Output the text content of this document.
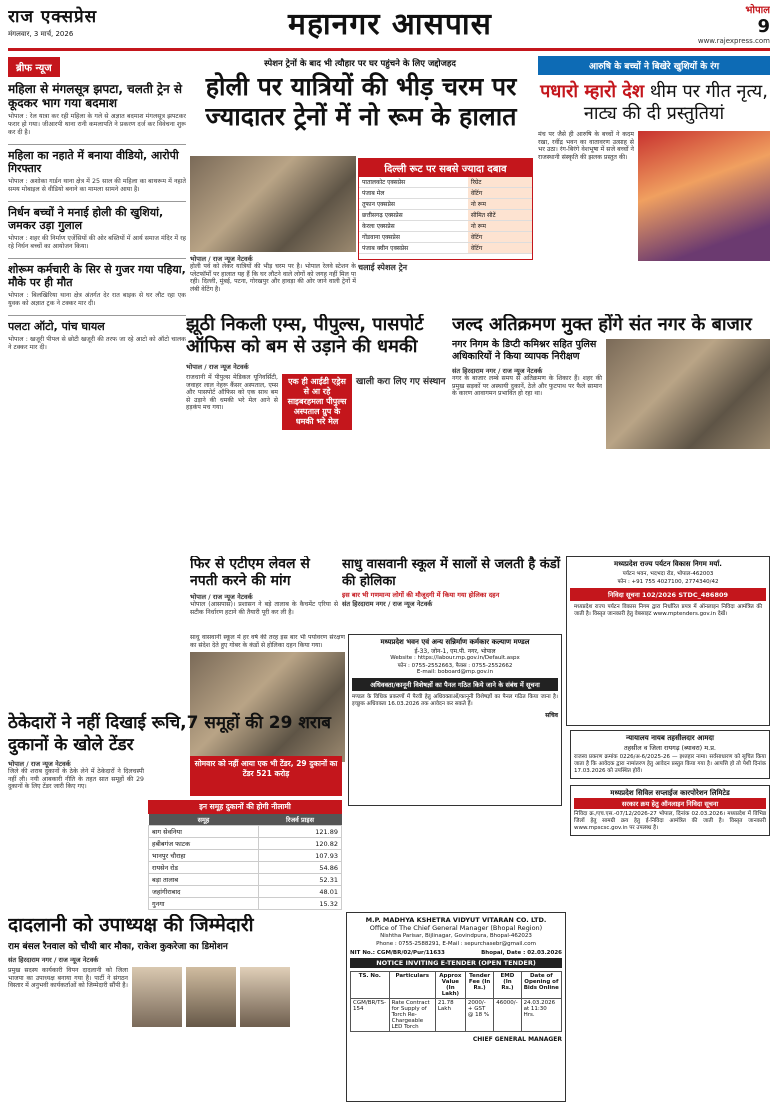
राज एक्सप्रेस
मंगलवार, 3 मार्च, 2026	महानगर आसपास	भोपाल
9
www.rajexpress.com
ब्रीफ न्यूज
महिला से मंगलसूत्र झपटा, चलती ट्रेन से कूदकर भाग गया बदमाश
भोपाल : रेल यात्रा कर रही महिला के गले से अज्ञात बदमाश मंगलसूत्र झपटकर फरार हो गया। जीआरपी थाना रानी कमलापति ने प्रकरण दर्ज कर विवेचना शुरू कर दी है।
महिला का नहाते में बनाया वीडियो, आरोपी गिरफ्तार
भोपाल : अशोका गार्डन थाना क्षेत्र में 25 साल की महिला का बाथरूम में नहाते समय मोबाइल से वीडियो बनाने का मामला सामने आया है।
निर्धन बच्चों ने मनाई होली की खुशियां, जमकर उड़ा गुलाल
भोपाल : शहर की निर्माण एजेंसियों की ओर बस्तियों में आर्य समाज मंदिर में रह रहे निर्धन बच्चों का आयोजन किया।
शोरूम कर्मचारी के सिर से गुजर गया पहिया, मौके पर ही मौत
भोपाल : बिलखिरिया थाना क्षेत्र अंतर्गत देर रात बाइक से घर लौट रहा एक युवक को अज्ञात ट्रक ने टक्कर मार दी।
पलटा ऑटो, पांच घायल
भोपाल : खजूरी पीपल से छोटी खजूरी की तरफ जा रहे आटो को ऑटो चालक ने टक्कर मार दी।
स्पेशन ट्रेनों के बाद भी त्यौहार पर घर पहुंचने के लिए जद्दोजहद
होली पर यात्रियों की भीड़ चरम पर ज्यादातर ट्रेनों में नो रूम के हालात
भोपाल / राज न्यूज नेटवर्क
होली पर्व को लेकर यात्रियों की भीड़ चरम पर है। भोपाल रेलवे स्टेशन के प्लेटफॉर्मों पर हालात यह हैं कि घर लौटने वाले लोगों को जगह नहीं मिल पा रही। दिल्ली, मुंबई, पटना, गोरखपुर और हावड़ा की ओर जाने वाली ट्रेनों में लंबी वेटिंग है।
दिल्ली रूट पर सबसे ज्यादा दबाव
पातालकोट एक्सप्रेस	रिग्रेट
पंजाब मेल	वेटिंग
तूफान एक्सप्रेस	नो रूम
छत्तीसगढ़ एक्सप्रेस	सीमित सीटें
केरला एक्सप्रेस	नो रूम
गोंडवाना एक्सप्रेस	वेटिंग
पंजाब क्वीन एक्सप्रेस	वेटिंग
चलाई स्पेशल ट्रेन
आरुषि के बच्चों ने बिखेरे खुशियों के रंग
पधारो म्हारो देश थीम पर गीत नृत्य, नाट्य की दी प्रस्तुतियां
मंच पर जैसे ही आरुषि के बच्चों ने कदम रखा, रवींद्र भवन का वातावरण उत्साह से भर उठा। रंग-बिरंगे वेशभूषा में सजे बच्चों ने राजस्थानी संस्कृति की झलक प्रस्तुत की।
झूठी निकली एम्स, पीपुल्स, पासपोर्ट ऑफिस को बम से उड़ाने की धमकी
भोपाल / राज न्यूज नेटवर्क
राजधानी में पीपुल्स मेडिकल यूनिवर्सिटी, जवाहर लाल नेहरू कैंसर अस्पताल, एम्स और पासपोर्ट ऑफिस को एक साथ बम से उड़ाने की धमकी भरे मेल आने से हड़कंप मच गया।
एक ही आईडी एड्रेस से आ रहे साइबरहमला पीपुल्स अस्पताल ग्रुप के धमकी भरे मेल
खाली करा लिए गए संस्थान
जल्द अतिक्रमण मुक्त होंगे संत नगर के बाजार
नगर निगम के डिप्टी कमिश्नर सहित पुलिस अधिकारियों ने किया व्यापक निरीक्षण
संत हिरदाराम नगर / राज न्यूज नेटवर्क
नगर के बाजार लम्बे समय से अतिक्रमण के शिकार हैं। शहर की प्रमुख सड़कों पर अस्थायी दुकानें, ठेले और फुटपाथ पर फैले सामान के कारण आवागमन प्रभावित हो रहा था।
फिर से एटीएम लेवल से नपती करने की मांग
भोपाल / राज न्यूज नेटवर्क
भोपाल (आसपास)। प्रशासन ने बड़े तालाब के कैचमेंट एरिया से सटीक निर्धारण हटाने की तैयारी पूरी कर ली है।
साधु वासवानी स्कूल में सालों से जलती है कंडों की होलिका
इस बार भी गणमान्य लोगों की मौजूदगी में किया गया होलिका दहन
संत हिरदाराम नगर / राज न्यूज नेटवर्क
साधु वासवानी स्कूल में हर वर्ष की तरह इस बार भी पर्यावरण संरक्षण का संदेश देते हुए गोबर के कंडों से होलिका दहन किया गया।	मध्यप्रदेश भवन एवं अन्य सन्निर्माण कर्मकार कल्याण मण्डल
ई-33, जोन-1, एम.पी. नगर, भोपाल
Website : https://labour.mp.gov.in/Default.aspx
फोन : 0755-2552663, फैक्स : 0755-2552662
E-mail: boboard@mp.gov.in
अधिवक्ता/कानूनी विशेषज्ञों का पैनल गठित किये जाने के संबंध में सूचना
मण्डल के विधिक प्रकरणों में पैरवी हेतु अधिवक्ताओं/कानूनी विशेषज्ञों का पैनल गठित किया जाना है। इच्छुक अधिवक्ता 16.03.2026 तक आवेदन कर सकते हैं।
सचिव
मध्यप्रदेश राज्य पर्यटन विकास निगम मर्या.
पर्यटन भवन, भदभदा रोड, भोपाल-462003
फोन : +91 755 4027100, 2774340/42
निविदा सूचना 102/2026 STDC_486809
मध्यप्रदेश राज्य पर्यटन विकास निगम द्वारा निर्धारित प्रपत्र में ऑनलाइन निविदा आमंत्रित की जाती है। विस्तृत जानकारी हेतु वेबसाइट www.mptenders.gov.in देखें।
ठेकेदारों ने नहीं दिखाई रूचि,7 समूहों की 29 शराब दुकानों के खोले टेंडर
भोपाल / राज न्यूज नेटवर्क
जिले की शराब दुकानों के ठेके लेने में ठेकेदारों ने दिलचस्पी नहीं ली। नयी आबकारी नीति के तहत सात समूहों की 29 दुकानों के लिए टेंडर जारी किए गए।
सोमवार को नहीं आया एक भी टेंडर, 29 दुकानों का टेंडर 521 करोड़
इन समूह दुकानों की होगी नीलामी
समूह	रिजर्व प्राइस
बाग सेवनिया	121.89
हबीबगंज फाटक	120.82
भानपुर चौराहा	107.93
रायसेन रोड	54.86
बड़ा तालाब	52.31
जहांगीराबाद	48.01
गुनगा	15.32
दादलानी को उपाध्यक्ष की जिम्मेदारी
राम बंसल रैनवाल को चौथी बार मौका, राकेश कुकरेजा का डिमोशन
संत हिरदाराम नगर / राज न्यूज नेटवर्क
प्रमुख सदस्य कार्यकारी विपन दादलानी को जिला भाजपा का उपाध्यक्ष बनाया गया है। पार्टी ने संगठन विस्तार में अनुभवी कार्यकर्ताओं को जिम्मेदारी सौंपी है।
M.P. MADHYA KSHETRA VIDYUT VITARAN CO. LTD.
Office of The Chief General Manager (Bhopal Region)
Nishtha Parisar, Bijlinagar, Govindpura, Bhopal-462023
Phone : 0755-2588291, E-Mail : sepurchasebr@gmail.com
NIT No.: CGM/BR/02/Pur/11633	Bhopal, Date : 02.03.2026
NOTICE INVITING E-TENDER (OPEN TENDER)
TS. No.	Particulars	Approx Value (In Lakh)	Tender Fee (In Rs.)	EMD (In Rs.)	Date of Opening of Bids Online
CGM/BR/TS-154	Rate Contract for Supply of Torch Re-Chargeable LED Torch	21.78 Lakh	2000/- + GST @ 18 %	46000/-	24.03.2026 at 11:30 Hrs.
CHIEF GENERAL MANAGER
न्यायालय नायब तहसीलदार आमदा
तहसील व जिला रायगढ़ (ब्यावरा) म.प्र.
राजस्व प्रकरण क्रमांक 0226/अ-6/2025-26 — इश्तहार नामा। सर्वसाधारण को सूचित किया जाता है कि आवेदक द्वारा नामांतरण हेतु आवेदन प्रस्तुत किया गया है। आपत्ति हो तो पेशी दिनांक 17.03.2026 को उपस्थित होवें।
मध्यप्रदेश सिविल सप्लाईज कारपोरेशन लिमिटेड
सरकार क्रय हेतु ऑनलाइन निविदा सूचना
निविदा क्र./एच.एस.-07/12/2026-27 भोपाल, दिनांक 02.03.2026। मध्यप्रदेश में विभिन्न जिलों हेतु सामग्री क्रय हेतु ई-निविदा आमंत्रित की जाती है। विस्तृत जानकारी www.mpscsc.gov.in पर उपलब्ध है।
